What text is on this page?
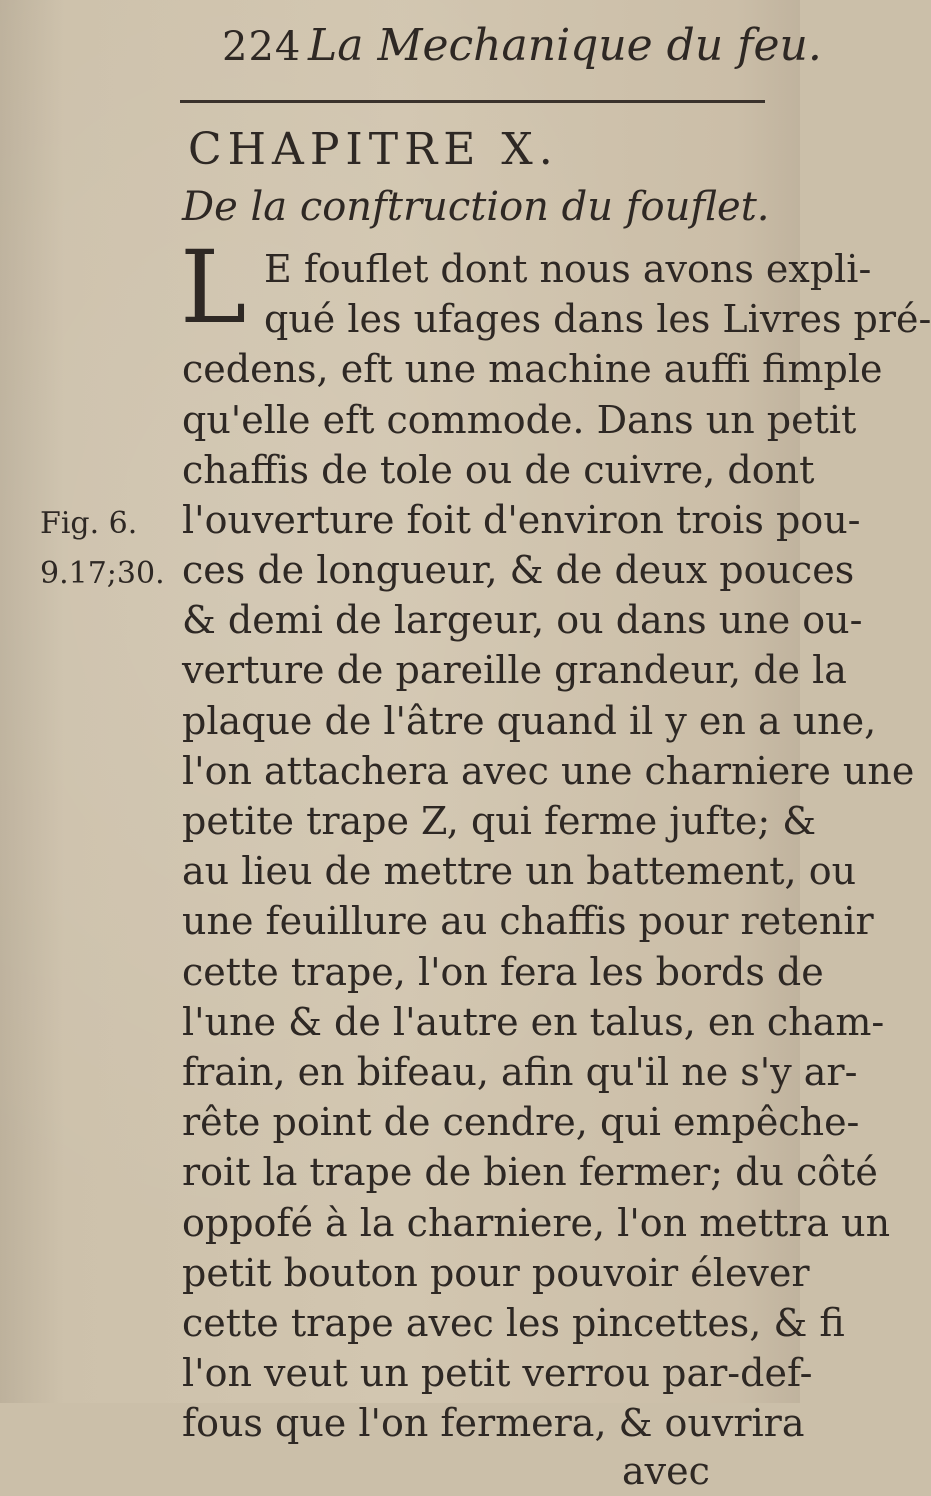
224 La Mechanique du feu.
CHAPITRE X.
De la conftruction du fouflet.
Fig. 6.
9.17;30.
L E fouflet dont nous avons expli-
qué les ufages dans les Livres pré-
cedens, eft une machine auffi fimple
qu'elle eft commode. Dans un petit
chaffis de tole ou de cuivre, dont
l'ouverture foit d'environ trois pou-
ces de longueur, & de deux pouces
& demi de largeur, ou dans une ou-
verture de pareille grandeur, de la
plaque de l'âtre quand il y en a une,
l'on attachera avec une charniere une
petite trape Z, qui ferme jufte; &
au lieu de mettre un battement, ou
une feuillure au chaffis pour retenir
cette trape, l'on fera les bords de
l'une & de l'autre en talus, en cham-
frain, en bifeau, afin qu'il ne s'y ar-
rête point de cendre, qui empêche-
roit la trape de bien fermer; du côté
oppofé à la charniere, l'on mettra un
petit bouton pour pouvoir élever
cette trape avec les pincettes, & fi
l'on veut un petit verrou par-def-
fous que l'on fermera, & ouvrira
avec
